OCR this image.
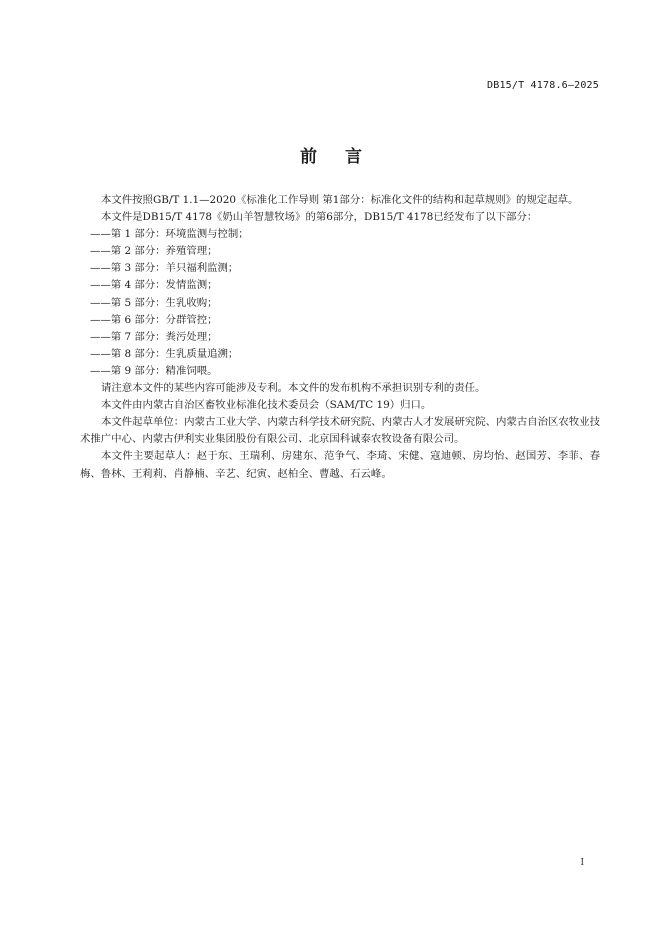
DB15/T 4178.6—2025
前言

本文件按照GB/T 1.1—2020《标准化工作导则 第1部分：标准化文件的结构和起草规则》的规定起草。

本文件是DB15/T 4178《奶山羊智慧牧场》的第6部分，DB15/T 4178已经发布了以下部分：

——第 1 部分：环境监测与控制；

——第 2 部分：养殖管理；

——第 3 部分：羊只福利监测；

——第 4 部分：发情监测；

——第 5 部分：生乳收购；

——第 6 部分：分群管控；

——第 7 部分：粪污处理；

——第 8 部分：生乳质量追溯；

——第 9 部分：精准饲喂。

请注意本文件的某些内容可能涉及专利。本文件的发布机构不承担识别专利的责任。

本文件由内蒙古自治区畜牧业标准化技术委员会（SAM/TC 19）归口。

本文件起草单位：内蒙古工业大学、内蒙古科学技术研究院、内蒙古人才发展研究院、内蒙古自治区农牧业技术推广中心、内蒙古伊利实业集团股份有限公司、北京国科诚泰农牧设备有限公司。

本文件主要起草人：赵于东、王瑞利、房建东、范争气、李琦、宋健、寇迪顿、房均怡、赵国芳、李菲、春梅、鲁林、王莉莉、肖静楠、辛艺、纪寅、赵柏全、曹越、石云峰。

I
